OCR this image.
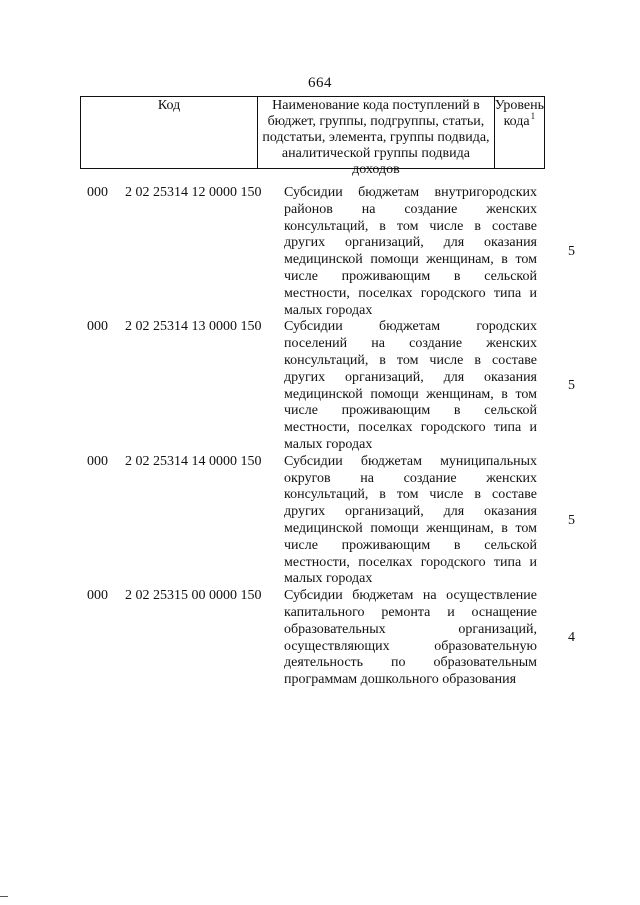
664
Код	Наименование кода поступлений в бюджет, группы, подгруппы, статьи, подстатьи, элемента, группы подвида, аналитической группы подвида доходов
Уровень кода$^1$
000 2 02 25314 12 0000 150 Субсидии бюджетам внутригородских районов на создание женских консультаций, в том числе в составе других организаций, для оказания медицинской помощи женщинам, в том числе проживающим в сельской местности, поселках городского типа и малых городах
5
000 2 02 25314 13 0000 150 Субсидии бюджетам городских поселений на создание женских консультаций, в том числе в составе других организаций, для оказания медицинской помощи женщинам, в том числе проживающим в сельской местности, поселках городского типа и малых городах
5
000 2 02 25314 14 0000 150 Субсидии бюджетам муниципальных округов на создание женских консультаций, в том числе в составе других организаций, для оказания медицинской помощи женщинам, в том числе проживающим в сельской местности, поселках городского типа и малых городах
5
000 2 02 25315 00 0000 150 Субсидии бюджетам на осуществление капитального ремонта и оснащение образовательных организаций, осуществляющих образовательную деятельность по образовательным программам дошкольного образования
4
